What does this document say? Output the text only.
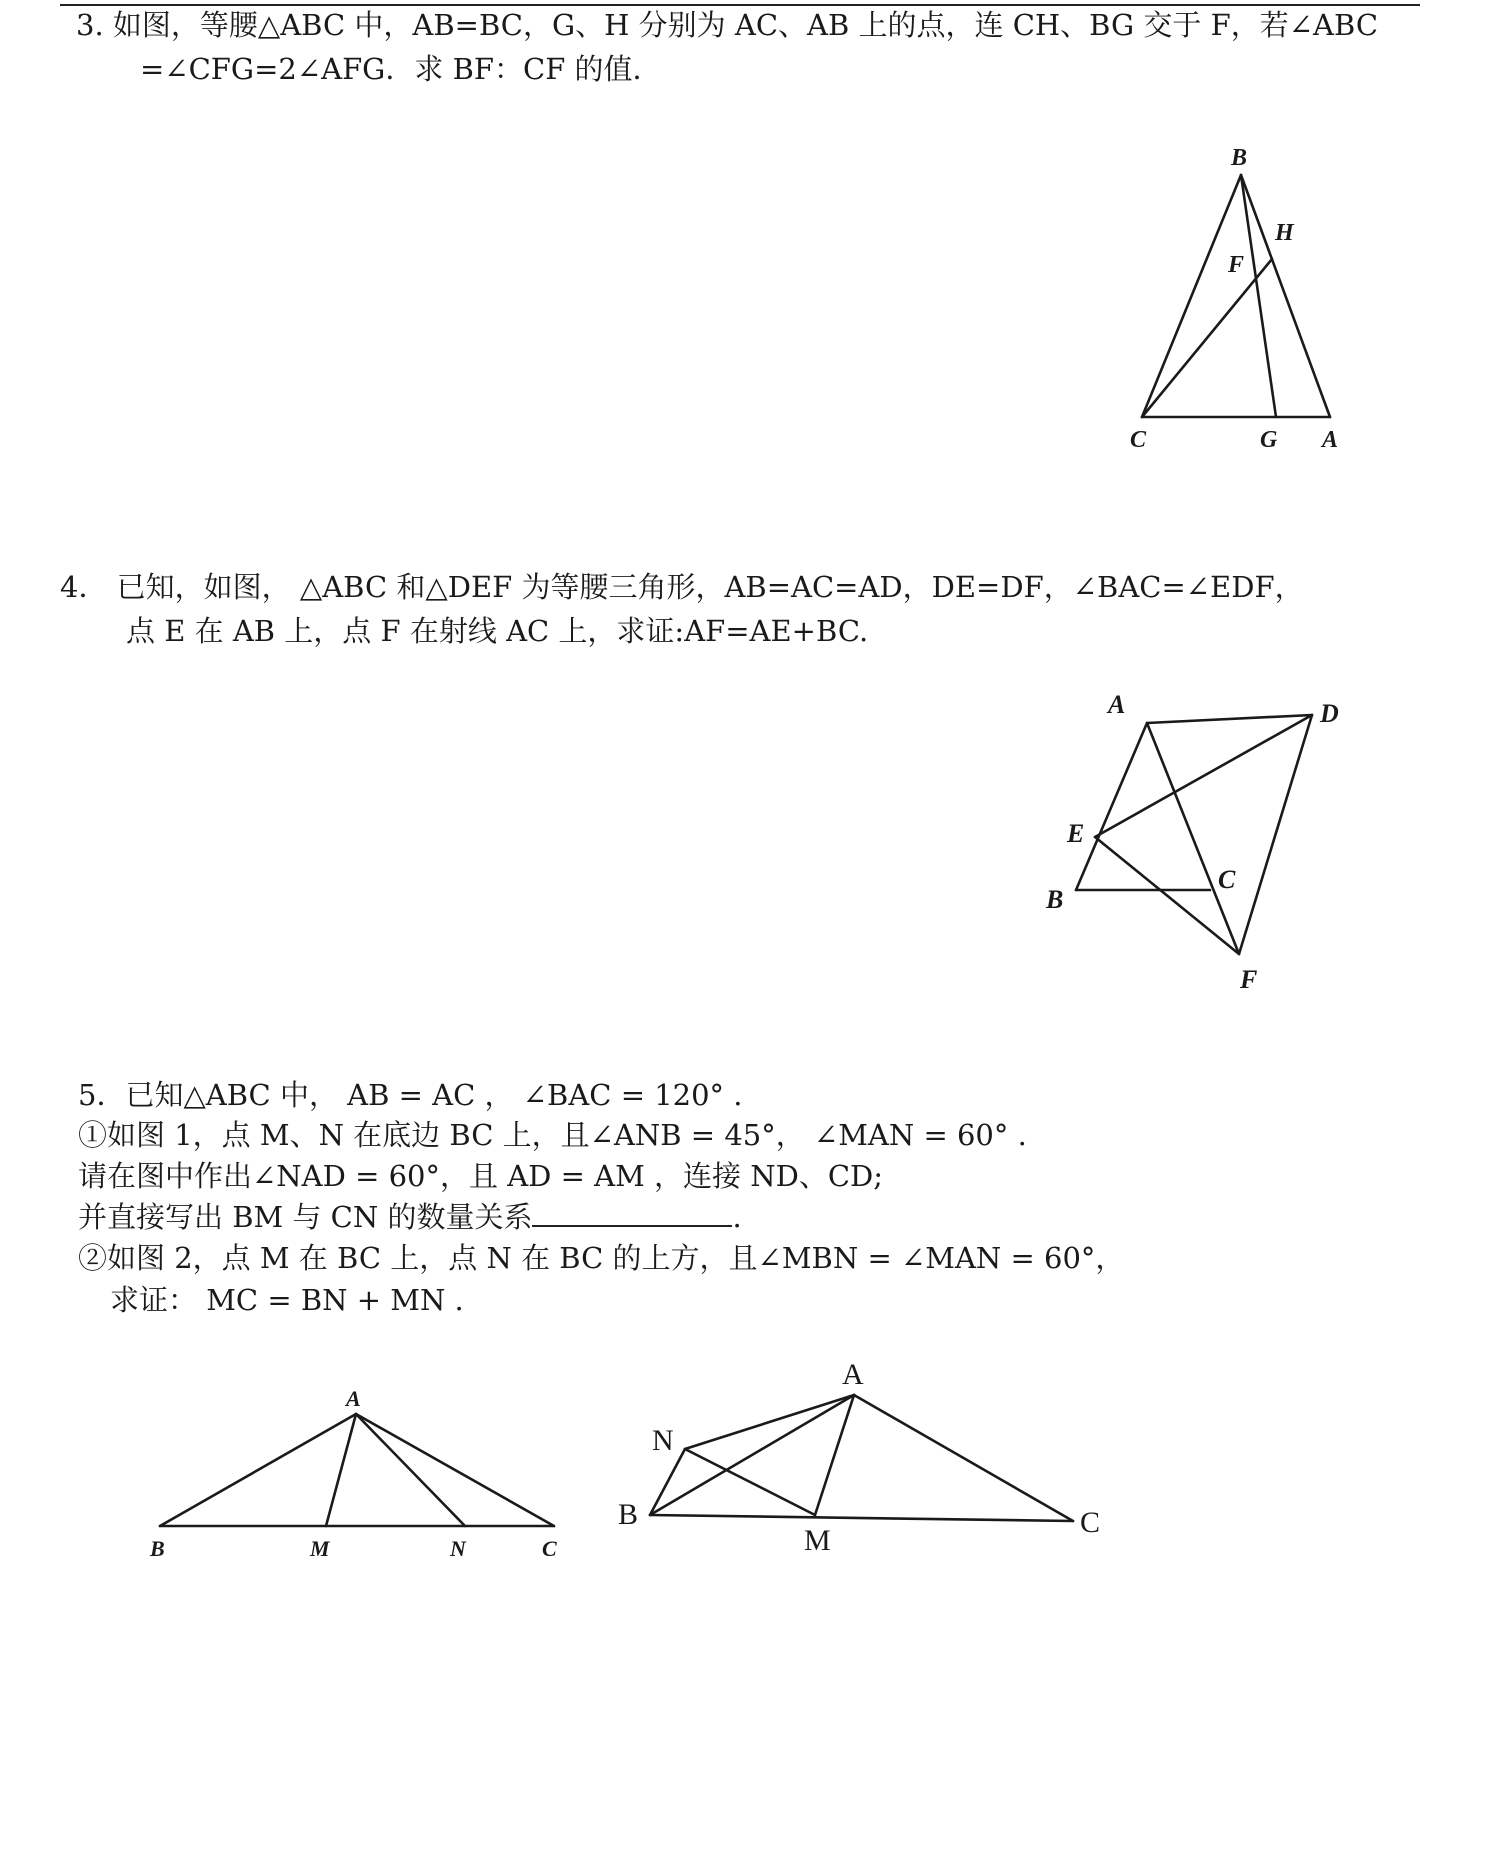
3. 如图，等腰△ABC 中，AB=BC，G、H 分别为 AC、AB 上的点，连 CH、BG 交于 F，若∠ABC
=∠CFG=2∠AFG．求 BF：CF 的值．
B
H
F
C	G A
4． 已知，如图， △ABC 和△DEF 为等腰三角形，AB=AC=AD，DE=DF，∠BAC=∠EDF，
点 E 在 AB 上，点 F 在射线 AC 上，求证:AF=AE+BC.
A	D
E
C
B
F
5．已知△ABC 中， AB = AC ， ∠BAC = 120° .
①如图 1，点 M、N 在底边 BC 上，且∠ANB = 45°， ∠MAN = 60° .
请在图中作出∠NAD = 60°，且 AD = AM ，连接 ND、CD;
并直接写出 BM 与 CN 的数量关系	.
②如图 2，点 M 在 BC 上，点 N 在 BC 的上方，且∠MBN = ∠MAN = 60°，
求证： MC = BN + MN .
A
B	M	N	C
A
N
B
M
C
